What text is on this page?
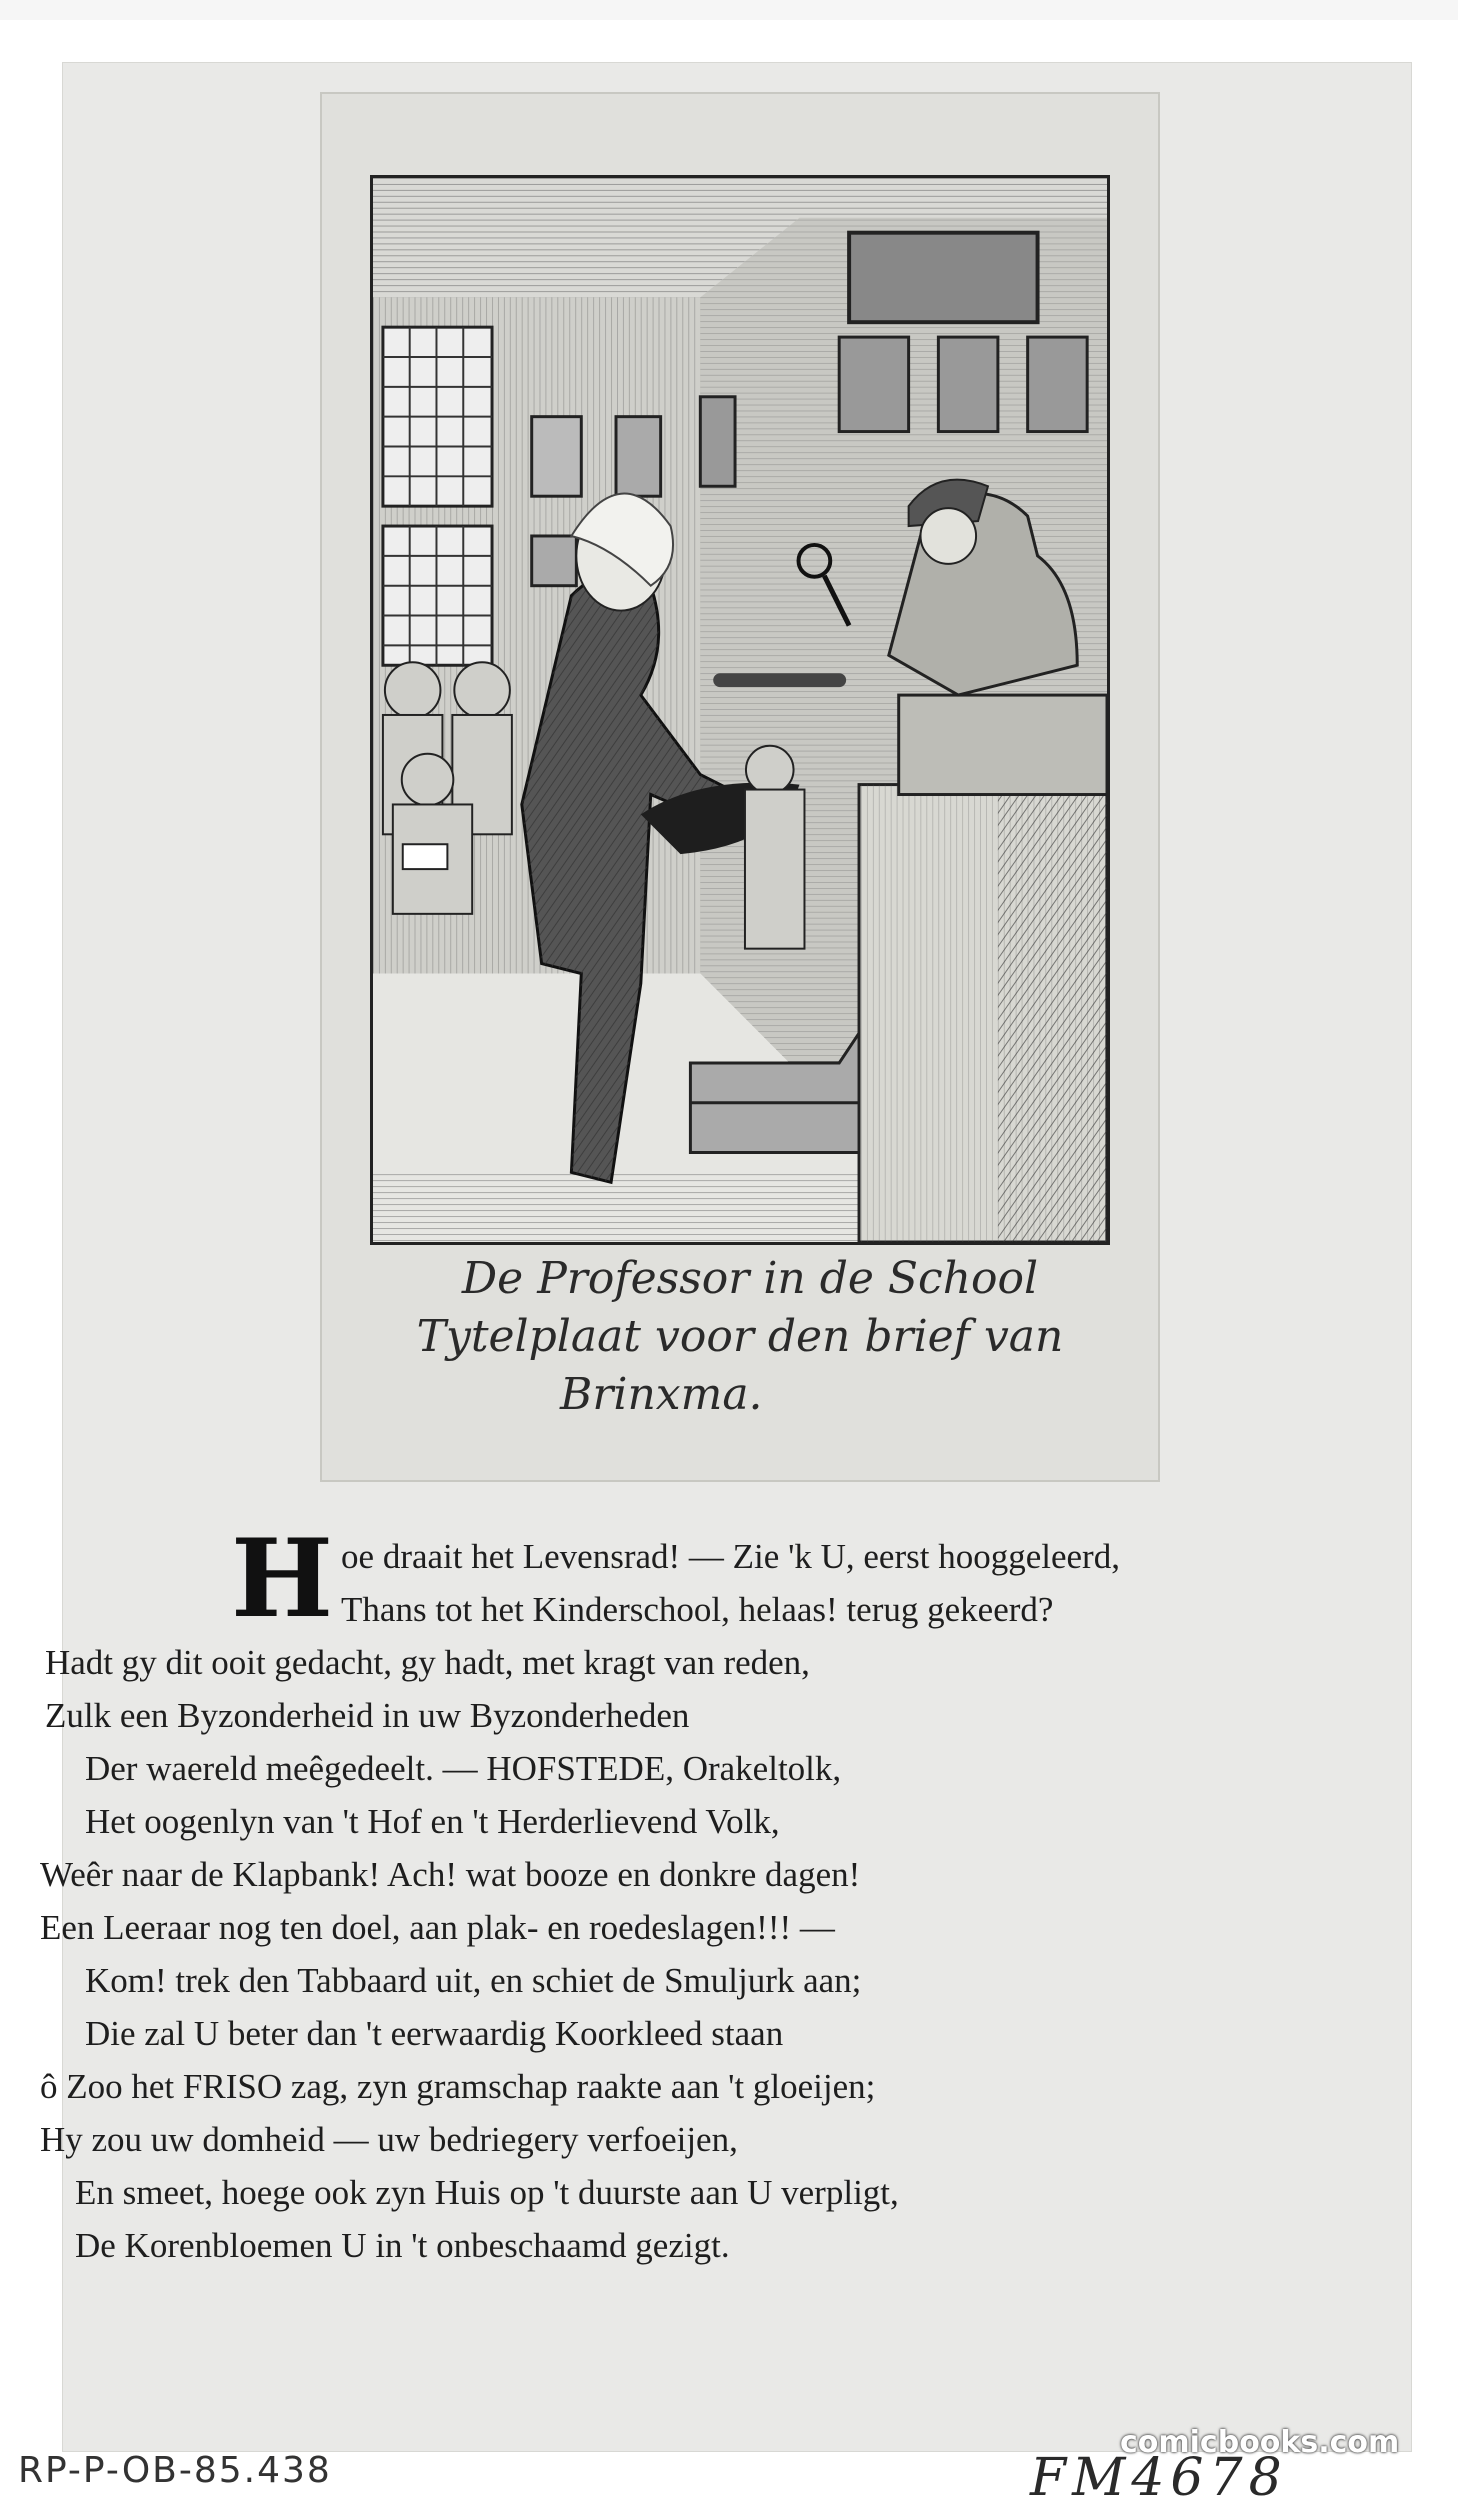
De Professor in de School
Tytelplaat voor den brief van
Brinxma.
H oe draait het Levensrad! — Zie 'k U, eerst hooggeleerd,
Thans tot het Kinderschool, helaas! terug gekeerd?
Hadt gy dit ooit gedacht, gy hadt, met kragt van reden,
Zulk een Byzonderheid in uw Byzonderheden
Der waereld meêgedeelt. — HOFSTEDE, Orakeltolk,
Het oogenlyn van 't Hof en 't Herderlievend Volk,
Weêr naar de Klapbank! Ach! wat booze en donkre dagen!
Een Leeraar nog ten doel, aan plak- en roedeslagen!!! —
Kom! trek den Tabbaard uit, en schiet de Smuljurk aan;
Die zal U beter dan 't eerwaardig Koorkleed staan
ô Zoo het FRISO zag, zyn gramschap raakte aan 't gloeijen;
Hy zou uw domheid — uw bedriegery verfoeijen,
En smeet, hoege ook zyn Huis op 't duurste aan U verpligt,
De Korenbloemen U in 't onbeschaamd gezigt.
RP-P-OB-85.438	FM4678
comicbooks.com
